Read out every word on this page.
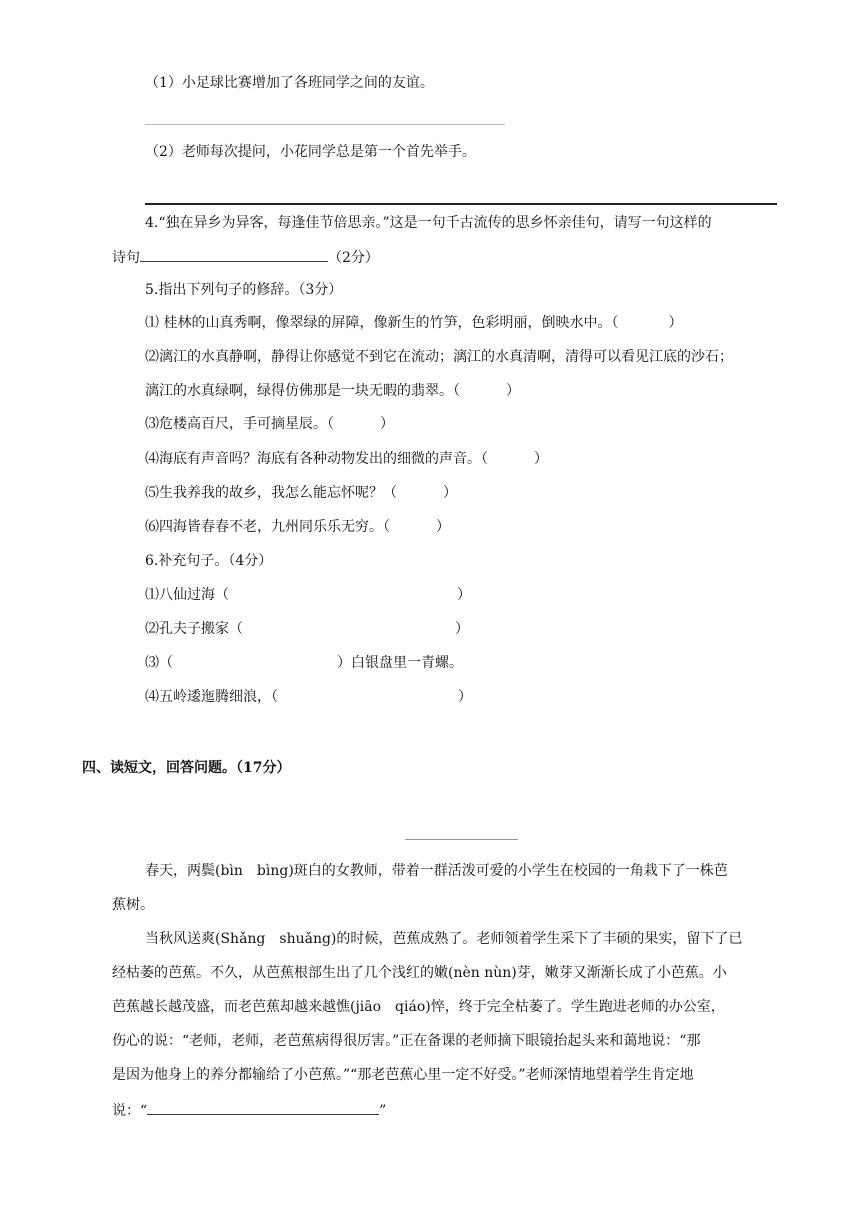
（1）小足球比赛增加了各班同学之间的友谊。
（2）老师每次提问，小花同学总是第一个首先举手。
4.“独在异乡为异客，每逢佳节倍思亲。”这是一句千古流传的思乡怀亲佳句，请写一句这样的
诗句	（2分）
5.指出下列句子的修辞。（3分）
⑴ 桂林的山真秀啊，像翠绿的屏障，像新生的竹笋，色彩明丽，倒映水中。（	）
⑵漓江的水真静啊，静得让你感觉不到它在流动；漓江的水真清啊，清得可以看见江底的沙石；
漓江的水真绿啊，绿得仿佛那是一块无暇的翡翠。（	）
⑶危楼高百尺，手可摘星辰。（	）
⑷海底有声音吗？海底有各种动物发出的细微的声音。（	）
⑸生我养我的故乡，我怎么能忘怀呢？（	）
⑹四海皆春春不老，九州同乐乐无穷。（	）
6.补充句子。（4分）
⑴八仙过海（	）
⑵孔夫子搬家（	）
⑶（	）白银盘里一青螺。
⑷五岭逶迤腾细浪，（	）
四、读短文，回答问题。（17分）
春天，两鬓(bìn　bìng)斑白的女教师，带着一群活泼可爱的小学生在校园的一角栽下了一株芭
蕉树。
当秋风送爽(Shǎng　shuǎng)的时候，芭蕉成熟了。老师领着学生采下了丰硕的果实，留下了已
经枯萎的芭蕉。不久，从芭蕉根部生出了几个浅红的嫩(nèn nùn)芽，嫩芽又渐渐长成了小芭蕉。小
芭蕉越长越茂盛，而老芭蕉却越来越憔(jiāo　qiáo)悴，终于完全枯萎了。学生跑进老师的办公室，
伤心的说：“老师，老师，老芭蕉病得很厉害。”正在备课的老师摘下眼镜抬起头来和蔼地说：“那
是因为他身上的养分都输给了小芭蕉。”“那老芭蕉心里一定不好受。”老师深情地望着学生肯定地
说：“	”
